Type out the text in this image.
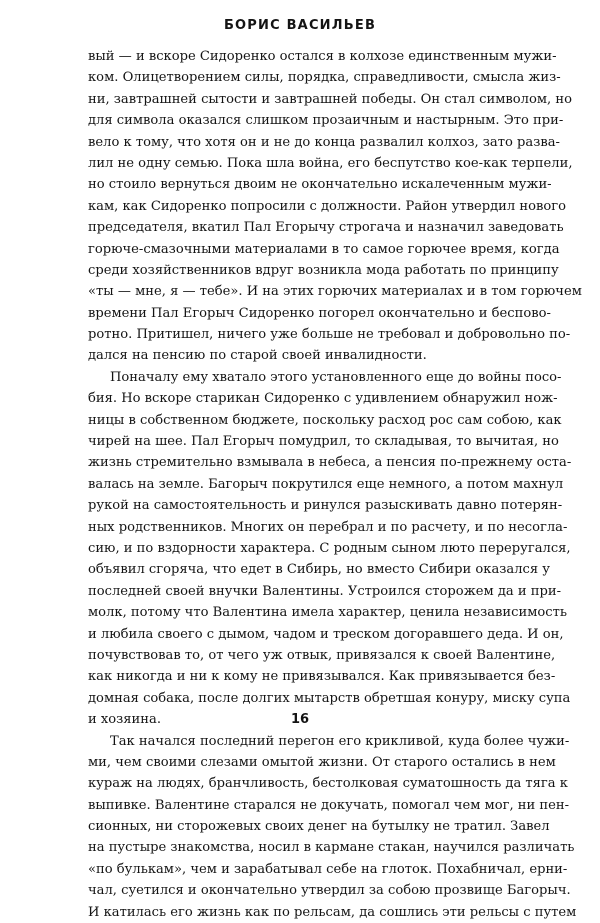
БОРИС ВАСИЛЬЕВ
вый — и вскоре Сидоренко остался в колхозе единственным мужи-
ком. Олицетворением силы, порядка, справедливости, смысла жиз-
ни, завтрашней сытости и завтрашней победы. Он стал символом, но
для символа оказался слишком прозаичным и настырным. Это при-
вело к тому, что хотя он и не до конца развалил колхоз, зато развa-
лил не одну семью. Пока шла война, его беспутство кое-как терпели,
но стоило вернуться двоим не окончательно искалеченным мужи-
кам, как Сидоренко попросили с должности. Район утвердил нового
председателя, вкатил Пал Егорычу строгача и назначил заведовать
горюче-смазочными материалами в то самое горючее время, когда
среди хозяйственников вдруг возникла мода работать по принципу
«ты — мне, я — тебе». И на этих горючих материалах и в том горючем
времени Пал Егорыч Сидоренко погорел окончательно и бесповo-
ротно. Притишел, ничего уже больше не требовал и добровольно по-
дался на пенсию по старой своей инвалидности.
Поначалу ему хватало этого установленного еще до войны посо-
бия. Но вскоре старикан Сидоренко с удивлением обнаружил нож-
ницы в собственном бюджете, поскольку расход рос сам собою, как
чирей на шее. Пал Егорыч помудрил, то складывая, то вычитая, но
жизнь стремительно взмывала в небеса, а пенсия по-прежнему оста-
валась на земле. Багорыч покрутился еще немного, а потом махнул
рукой на самостоятельность и ринулся разыскивать давно потерян-
ных родственников. Многих он перебрал и по расчету, и по несогла-
сию, и по вздорности характера. С родным сыном люто переругался,
объявил сгоряча, что едет в Сибирь, но вместо Сибири оказался у
последней своей внучки Валентины. Устроился сторожем да и при-
молк, потому что Валентина имела характер, ценила независимость
и любила своего с дымом, чадом и треском догоравшего деда. И он,
почувствовав то, от чего уж отвык, привязался к своей Валентине,
как никогда и ни к кому не привязывался. Как привязывается без-
домная собака, после долгих мытарств обретшая конуру, миску супа
и хозяина.
Так начался последний перегон его крикливой, куда более чужи-
ми, чем своими слезами омытой жизни. От старого остались в нем
кураж на людях, бранчливость, бестолковая суматошность да тяга к
выпивке. Валентине старался не докучать, помогал чем мог, ни пен-
сионных, ни сторожевых своих денег на бутылку не тратил. Завел
на пустыре знакомства, носил в кармане стакан, научился различать
«по булькам», чем и зарабатывал себе на глоток. Похабничал, ерни-
чал, суетился и окончательно утвердил за собою прозвище Багорыч.
И катилась его жизнь как по рельсам, да сошлись эти рельсы с путем
16
